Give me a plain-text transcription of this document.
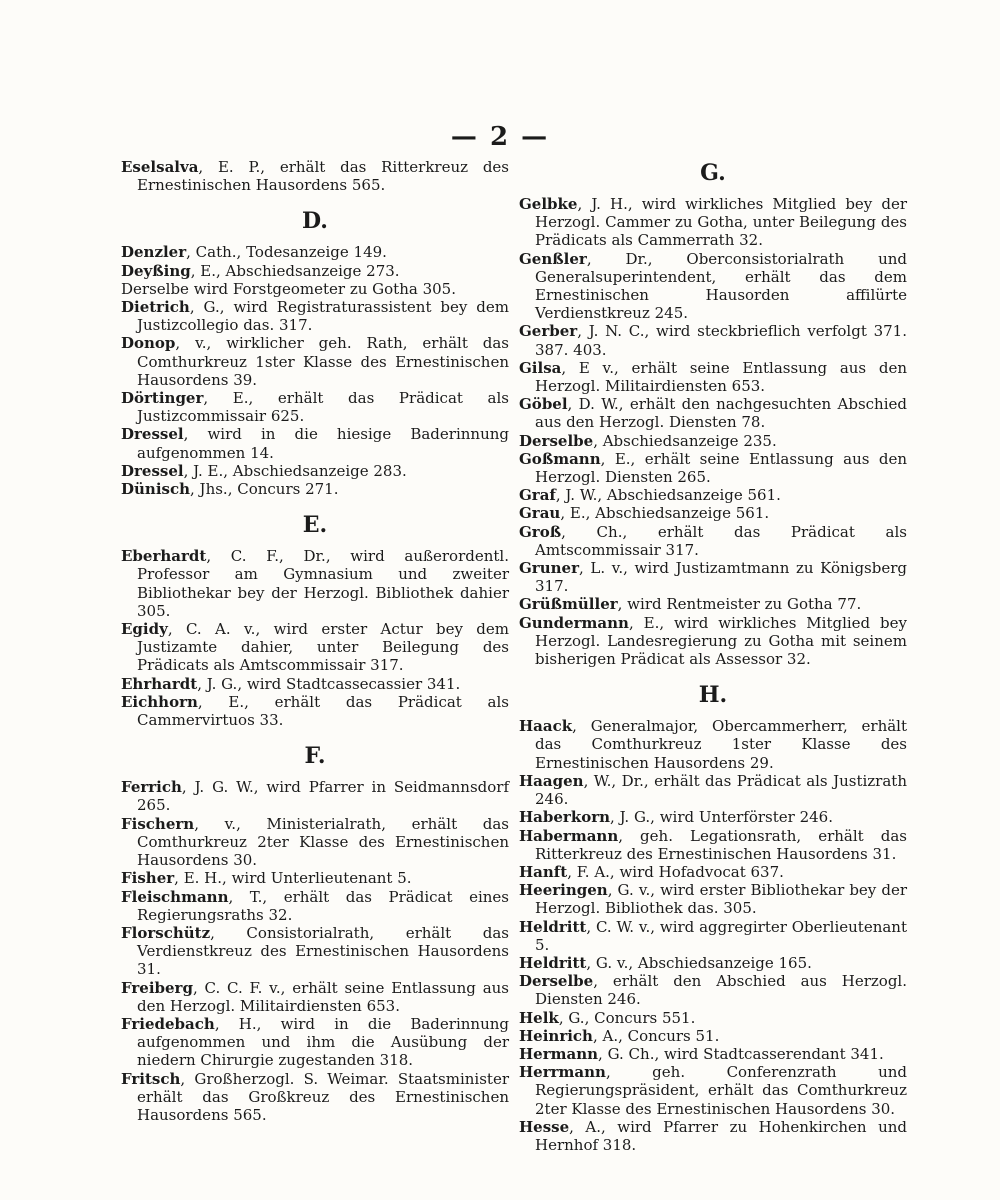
— 2 —

Eselsalva, E. P., erhält das Ritterkreuz des Ernestinischen Hausordens 565.

D.

Denzler, Cath., Todesanzeige 149.

Deyßing, E., Abschiedsanzeige 273.

Derselbe wird Forstgeometer zu Gotha 305.

Dietrich, G., wird Registraturassistent bey dem Justizcollegio das. 317.

Donop, v., wirklicher geh. Rath, erhält das Comthurkreuz 1ster Klasse des Ernestinischen Hausordens 39.

Dörtinger, E., erhält das Prädicat als Justizcommissair 625.

Dressel, wird in die hiesige Baderinnung aufgenommen 14.

Dressel, J. E., Abschiedsanzeige 283.

Dünisch, Jhs., Concurs 271.

E.

Eberhardt, C. F., Dr., wird außerordentl. Professor am Gymnasium und zweiter Bibliothekar bey der Herzogl. Bibliothek dahier 305.

Egidy, C. A. v., wird erster Actur bey dem Justizamte dahier, unter Beilegung des Prädicats als Amtscommissair 317.

Ehrhardt, J. G., wird Stadtcassecassier 341.

Eichhorn, E., erhält das Prädicat als Cammervirtuos 33.

F.

Ferrich, J. G. W., wird Pfarrer in Seidmannsdorf 265.

Fischern, v., Ministerialrath, erhält das Comthurkreuz 2ter Klasse des Ernestinischen Hausordens 30.

Fisher, E. H., wird Unterlieutenant 5.

Fleischmann, T., erhält das Prädicat eines Regierungsraths 32.

Florschütz, Consistorialrath, erhält das Verdienstkreuz des Ernestinischen Hausordens 31.

Freiberg, C. C. F. v., erhält seine Entlassung aus den Herzogl. Militairdiensten 653.

Friedebach, H., wird in die Baderinnung aufgenommen und ihm die Ausübung der niedern Chirurgie zugestanden 318.

Fritsch, Großherzogl. S. Weimar. Staatsminister erhält das Großkreuz des Ernestinischen Hausordens 565.

G.

Gelbke, J. H., wird wirkliches Mitglied bey der Herzogl. Cammer zu Gotha, unter Beilegung des Prädicats als Cammerrath 32.

Genßler, Dr., Oberconsistorialrath und Generalsuperintendent, erhält das dem Ernestinischen Hausorden affilürte Verdienstkreuz 245.

Gerber, J. N. C., wird steckbrieflich verfolgt 371. 387. 403.

Gilsa, E v., erhält seine Entlassung aus den Herzogl. Militairdiensten 653.

Göbel, D. W., erhält den nachgesuchten Abschied aus den Herzogl. Diensten 78.

Derselbe, Abschiedsanzeige 235.

Goßmann, E., erhält seine Entlassung aus den Herzogl. Diensten 265.

Graf, J. W., Abschiedsanzeige 561.

Grau, E., Abschiedsanzeige 561.

Groß, Ch., erhält das Prädicat als Amtscommissair 317.

Gruner, L. v., wird Justizamtmann zu Königsberg 317.

Grüßmüller, wird Rentmeister zu Gotha 77.

Gundermann, E., wird wirkliches Mitglied bey Herzogl. Landesregierung zu Gotha mit seinem bisherigen Prädicat als Assessor 32.

H.

Haack, Generalmajor, Obercammerherr, erhält das Comthurkreuz 1ster Klasse des Ernestinischen Hausordens 29.

Haagen, W., Dr., erhält das Prädicat als Justizrath 246.

Haberkorn, J. G., wird Unterförster 246.

Habermann, geh. Legationsrath, erhält das Ritterkreuz des Ernestinischen Hausordens 31.

Hanft, F. A., wird Hofadvocat 637.

Heeringen, G. v., wird erster Bibliothekar bey der Herzogl. Bibliothek das. 305.

Heldritt, C. W. v., wird aggregirter Oberlieutenant 5.

Heldritt, G. v., Abschiedsanzeige 165.

Derselbe, erhält den Abschied aus Herzogl. Diensten 246.

Helk, G., Concurs 551.

Heinrich, A., Concurs 51.

Hermann, G. Ch., wird Stadtcasserendant 341.

Herrmann, geh. Conferenzrath und Regierungspräsident, erhält das Comthurkreuz 2ter Klasse des Ernestinischen Hausordens 30.

Hesse, A., wird Pfarrer zu Hohenkirchen und Hernhof 318.
